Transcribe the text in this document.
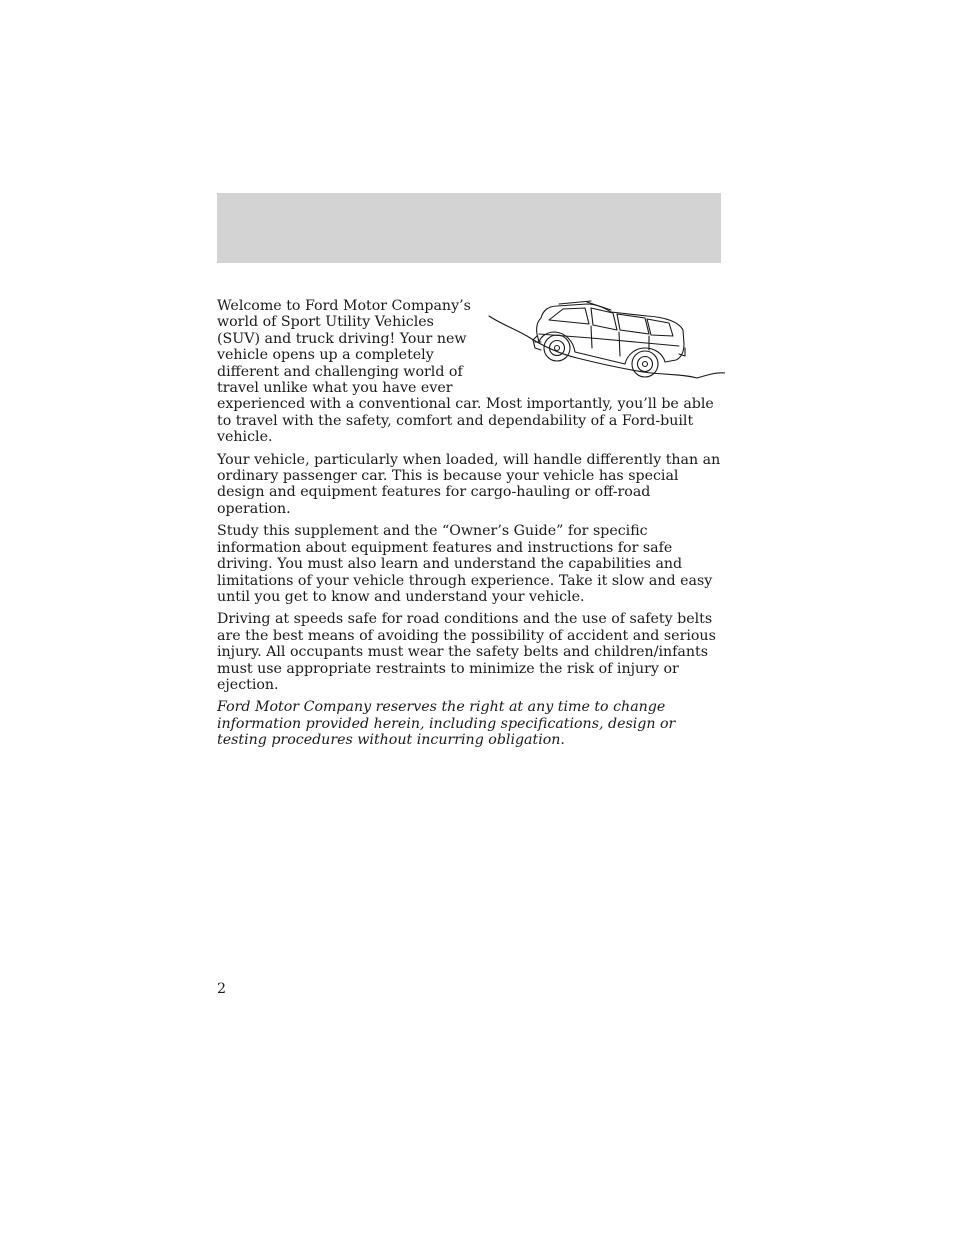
Welcome to Ford Motor Company’s world of Sport Utility Vehicles (SUV) and truck driving! Your new vehicle opens up a completely different and challenging world of travel unlike what you have ever experienced with a conventional car. Most importantly, you’ll be able to travel with the safety, comfort and dependability of a Ford-built vehicle.

Your vehicle, particularly when loaded, will handle differently than an ordinary passenger car. This is because your vehicle has special design and equipment features for cargo-hauling or off-road operation.

Study this supplement and the “Owner’s Guide” for specific information about equipment features and instructions for safe driving. You must also learn and understand the capabilities and limitations of your vehicle through experience. Take it slow and easy until you get to know and understand your vehicle.

Driving at speeds safe for road conditions and the use of safety belts are the best means of avoiding the possibility of accident and serious injury. All occupants must wear the safety belts and children/infants must use appropriate restraints to minimize the risk of injury or ejection.

Ford Motor Company reserves the right at any time to change information provided herein, including specifications, design or testing procedures without incurring obligation.

2
